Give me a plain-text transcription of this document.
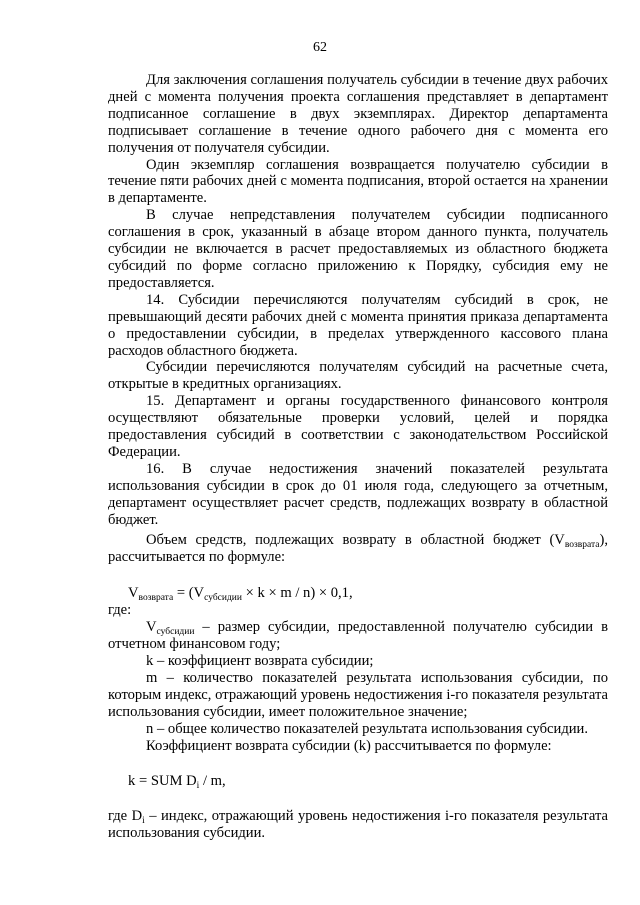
62

Для заключения соглашения получатель субсидии в течение двух рабочих дней с момента получения проекта соглашения представляет в департамент подписанное соглашение в двух экземплярах. Директор департамента подписывает соглашение в течение одного рабочего дня с момента его получения от получателя субсидии.

Один экземпляр соглашения возвращается получателю субсидии в течение пяти рабочих дней с момента подписания, второй остается на хранении в департаменте.

В случае непредставления получателем субсидии подписанного соглашения в срок, указанный в абзаце втором данного пункта, получатель субсидии не включается в расчет предоставляемых из областного бюджета субсидий по форме согласно приложению к Порядку, субсидия ему не предоставляется.

14. Субсидии перечисляются получателям субсидий в срок, не превышающий десяти рабочих дней с момента принятия приказа департамента о предоставлении субсидии, в пределах утвержденного кассового плана расходов областного бюджета.

Субсидии перечисляются получателям субсидий на расчетные счета, открытые в кредитных организациях.

15. Департамент и органы государственного финансового контроля осуществляют обязательные проверки условий, целей и порядка предоставления субсидий в соответствии с законодательством Российской Федерации.

16. В случае недостижения значений показателей результата использования субсидии в срок до 01 июля года, следующего за отчетным, департамент осуществляет расчет средств, подлежащих возврату в областной бюджет.

Объем средств, подлежащих возврату в областной бюджет $(V_{возврата})$, рассчитывается по формуле:

$V_{возврата} = (V_{субсидии} \times k \times m / n) \times 0,1$,

где:

$V_{субсидии}$ – размер субсидии, предоставленной получателю субсидии в отчетном финансовом году;

k – коэффициент возврата субсидии;

m – количество показателей результата использования субсидии, по которым индекс, отражающий уровень недостижения i-го показателя результата использования субсидии, имеет положительное значение;

n – общее количество показателей результата использования субсидии.

Коэффициент возврата субсидии (k) рассчитывается по формуле:

k = SUM $D_i$ / m,

где $D_i$ – индекс, отражающий уровень недостижения i-го показателя результата использования субсидии.
